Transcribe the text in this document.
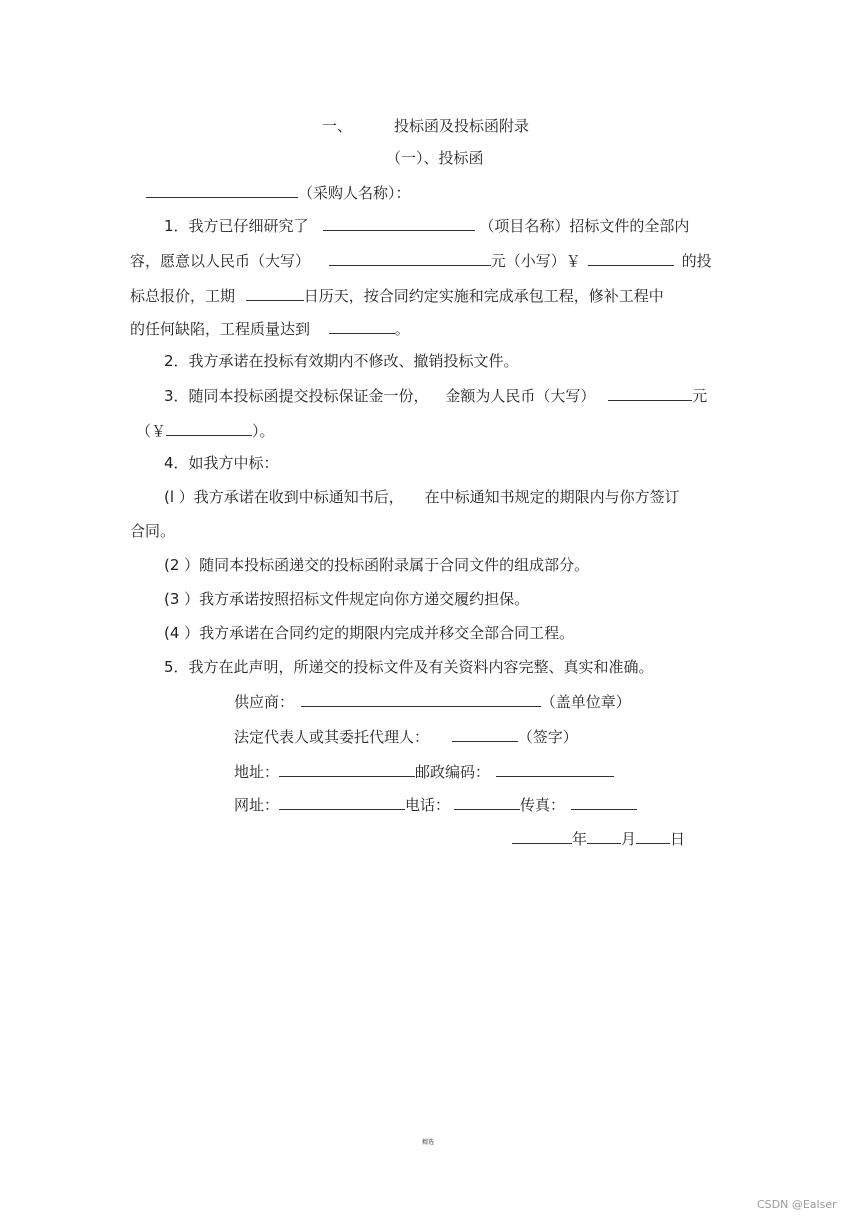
一、	投标函及投标函附录
（一）、投标函
（采购人名称）：
1．我方已仔细研究了	（项目名称）招标文件的全部内
容，愿意以人民币（大写）	元（小写）￥	的投
标总报价，工期	日历天，按合同约定实施和完成承包工程，修补工程中
的任何缺陷，工程质量达到	。
2．我方承诺在投标有效期内不修改、撤销投标文件。
3．随同本投标函提交投标保证金一份， 金额为人民币（大写）	元
（￥	）。
4．如我方中标：
(l ）我方承诺在收到中标通知书后， 在中标通知书规定的期限内与你方签订
合同。
(2 ）随同本投标函递交的投标函附录属于合同文件的组成部分。
(3 ）我方承诺按照招标文件规定向你方递交履约担保。
(4 ）我方承诺在合同约定的期限内完成并移交全部合同工程。
5．我方在此声明，所递交的投标文件及有关资料内容完整、真实和准确。
供应商：	（盖单位章）
法定代表人或其委托代理人：	（签字）
地址：	邮政编码：
网址：	电话：	传真：
年 月 日
精选
CSDN @Ealser
